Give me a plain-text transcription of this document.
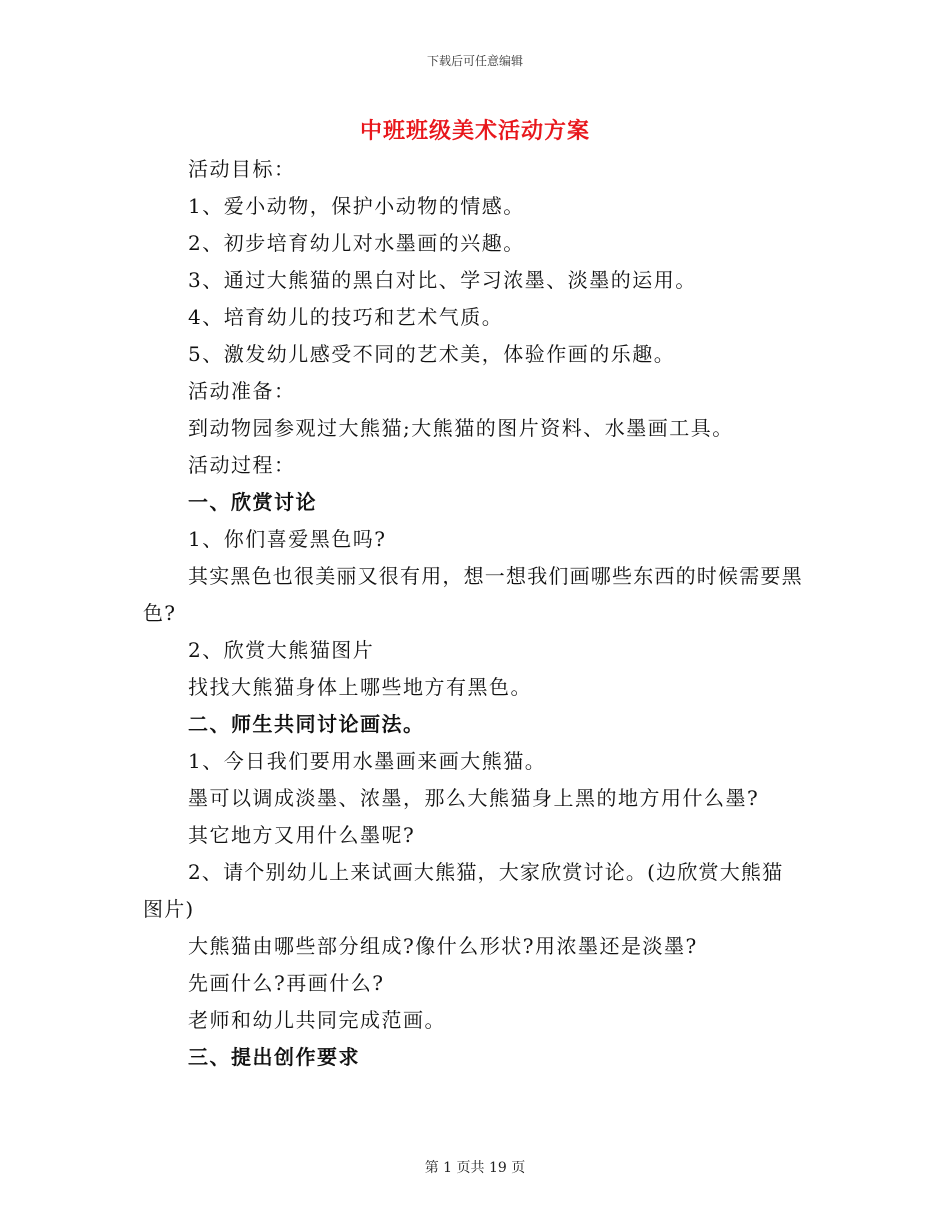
下载后可任意编辑
中班班级美术活动方案
活动目标：
1、爱小动物，保护小动物的情感。
2、初步培育幼儿对水墨画的兴趣。
3、通过大熊猫的黑白对比、学习浓墨、淡墨的运用。
4、培育幼儿的技巧和艺术气质。
5、激发幼儿感受不同的艺术美，体验作画的乐趣。
活动准备：
到动物园参观过大熊猫;大熊猫的图片资料、水墨画工具。
活动过程：
一、欣赏讨论
1、你们喜爱黑色吗?
其实黑色也很美丽又很有用，想一想我们画哪些东西的时候需要黑色?
2、欣赏大熊猫图片
找找大熊猫身体上哪些地方有黑色。
二、师生共同讨论画法。
1、今日我们要用水墨画来画大熊猫。
墨可以调成淡墨、浓墨，那么大熊猫身上黑的地方用什么墨?
其它地方又用什么墨呢?
2、请个别幼儿上来试画大熊猫，大家欣赏讨论。(边欣赏大熊猫图片)
大熊猫由哪些部分组成?像什么形状?用浓墨还是淡墨?
先画什么?再画什么?
老师和幼儿共同完成范画。
三、提出创作要求
第 1 页共 19 页
